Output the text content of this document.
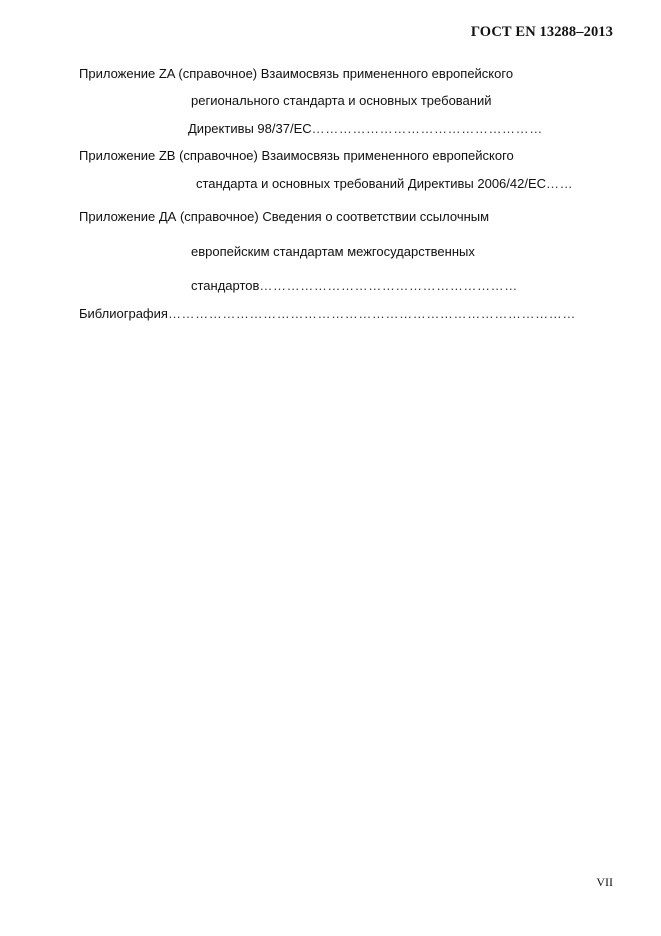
ГОСТ EN 13288–2013
Приложение ZA (справочное) Взаимосвязь примененного европейского
регионального стандарта и основных требований
Директивы 98/37/EC……………………………………………
Приложение ZB (справочное) Взаимосвязь примененного европейского
стандарта и основных требований Директивы 2006/42/EC……
Приложение ДА (справочное) Сведения о соответствии ссылочным
европейским стандартам межгосударственных
стандартов…………………………………………………
Библиография………………………………………………………………………………
VII
